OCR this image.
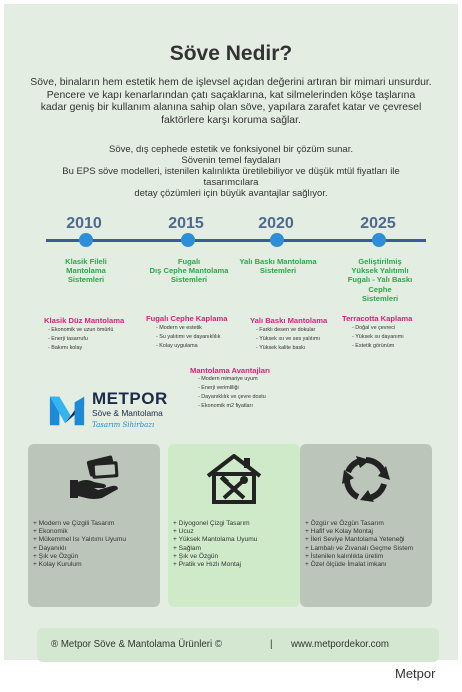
Söve Nedir?
Söve, binaların hem estetik hem de işlevsel açıdan değerini artıran bir mimari unsurdur.
Pencere ve kapı kenarlarından çatı saçaklarına, kat silmelerinden köşe taşlarına
kadar geniş bir kullanım alanına sahip olan söve, yapılara zarafet katar ve çevresel
faktörlere karşı koruma sağlar.
Söve, dış cephede estetik ve fonksiyonel bir çözüm sunar.
Sövenin temel faydaları
Bu EPS söve modelleri, istenilen kalınlıkta üretilebiliyor ve düşük mtül fiyatları ile
tasarımcılara
detay çözümleri için büyük avantajlar sağlıyor.
2010	2015	2020	2025
Klasik Fileli
Mantolama
Sistemleri
Fugalı
Dış Cephe Mantolama
Sistemleri
Yalı Baskı Mantolama
Sistemleri
Geliştirilmiş
Yüksek Yalıtımlı
Fugalı - Yalı Baskı
Cephe
Sistemleri
Klasik Düz Mantolama
- Ekonomik ve uzun ömürlü
- Enerji tasarrufu
- Bakımı kolay
Fugalı Cephe Kaplama
- Modern ve estetik
- Su yalıtımı ve dayanıklılık
- Kolay uygulama
Yalı Baskı Mantolama
- Farklı desen ve dokular
- Yüksek ısı ve ses yalıtımı
- Yüksek kalite baskı
Terracotta Kaplama
- Doğal ve çevreci
- Yüksek ısı dayanımı
- Estetik görünüm
Mantolama Avantajları
- Modern mimariye uyum
- Enerji verimliliği
- Dayanıklılık ve çevre dostu
- Ekonomik m2 fiyatları
METPOR
Söve & Mantolama
Tasarım Sihirbazı
+ Modern ve Çizgili Tasarım
+ Ekonomik
+ Mükemmel Isı Yalıtımı Uyumu
+ Dayanıklı
+ Şık ve Özgün
+ Kolay Kurulum
+ Diyogonel Çizgi Tasarım
+ Ucuz
+ Yüksek Mantolama Uyumu
+ Sağlam
+ Şık ve Özgün
+ Pratik ve Hızlı Montaj
+ Özgür ve Özgün Tasarım
+ Hafif ve Kolay Montaj
+ İleri Seviye Mantolama Yeteneği
+ Lambalı ve Zıvanalı Geçme Sistem
+ İstenilen kalınlıkta üretim
+ Özel ölçüde İmalat imkanı
® Metpor Söve & Mantolama Ürünleri ©	| www.metpordekor.com
Metpor
